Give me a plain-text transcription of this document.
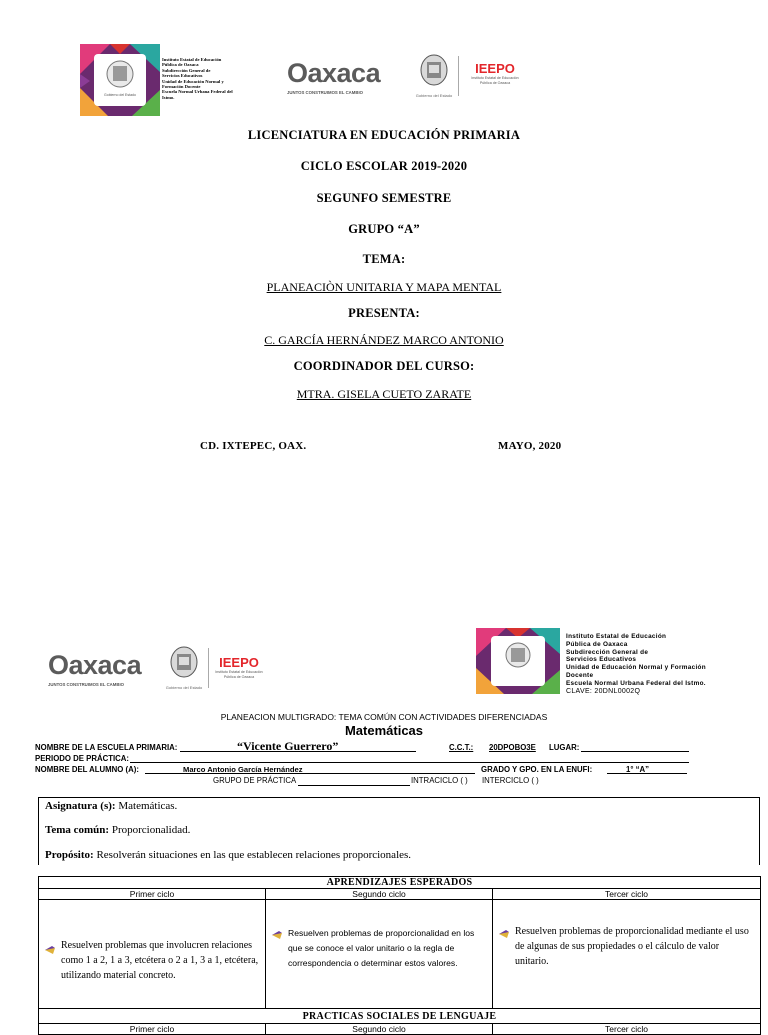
Gobierno del Estado
Instituto Estatal de Educación
Pública de Oaxaca
Subdirección General de
Servicios Educativos
Unidad de Educación Normal y
Formación Docente
Escuela Normal Urbana Federal del
Istmo.
Oaxaca
JUNTOS CONSTRUIMOS EL CAMBIO
Gobierno del Estado
IEEPO
Instituto Estatal de Educación Pública de Oaxaca
LICENCIATURA EN EDUCACIÓN PRIMARIA
CICLO ESCOLAR 2019-2020
SEGUNFO SEMESTRE
GRUPO “A”
TEMA:
PLANEACIÒN UNITARIA Y MAPA MENTAL
PRESENTA:
C. GARCÍA HERNÁNDEZ MARCO ANTONIO
COORDINADOR DEL CURSO:
MTRA. GISELA CUETO ZARATE
CD. IXTEPEC, OAX.	MAYO, 2020
Oaxaca
JUNTOS CONSTRUIMOS EL CAMBIO
Gobierno del Estado
IEEPO
Instituto Estatal de Educación Pública de Oaxaca
Instituto Estatal de Educación
Pública de Oaxaca
Subdirección General de
Servicios Educativos
Unidad de Educación Normal y Formación
Docente
Escuela Normal Urbana Federal del Istmo.
CLAVE: 20DNL0002Q
PLANEACION MULTIGRADO: TEMA COMÚN CON ACTIVIDADES DIFERENCIADAS
Matemáticas
NOMBRE DE LA ESCUELA PRIMARIA:	“Vicente Guerrero”	C.C.T.: 20DPOBO3E LUGAR:
PERIODO DE PRÁCTICA:
NOMBRE DEL ALUMNO (A):	Marco Antonio García Hernández	GRADO Y GPO. EN LA ENUFI:	1° “A”
GRUPO DE PRÁCTICA	INTRACICLO ( ) INTERCICLO ( )
Asignatura (s): Matemáticas.
Tema común: Proporcionalidad.
Propósito: Resolverán situaciones en las que establecen relaciones proporcionales.
APRENDIZAJES ESPERADOS		
Primer ciclo	Segundo ciclo	Tercer ciclo

Resuelven problemas que involucren relaciones como 1 a 2, 1 a 3, etcétera o 2 a 1, 3 a 1, etcétera, utilizando material concreto.	Resuelven problemas de proporcionalidad en los que se conoce el valor unitario o la regla de correspondencia o determinar estos valores.	Resuelven problemas de proporcionalidad mediante el uso de algunas de sus propiedades o el cálculo de valor unitario.
PRACTICAS SOCIALES DE LENGUAJE		
Primer ciclo	Segundo ciclo	Tercer ciclo
